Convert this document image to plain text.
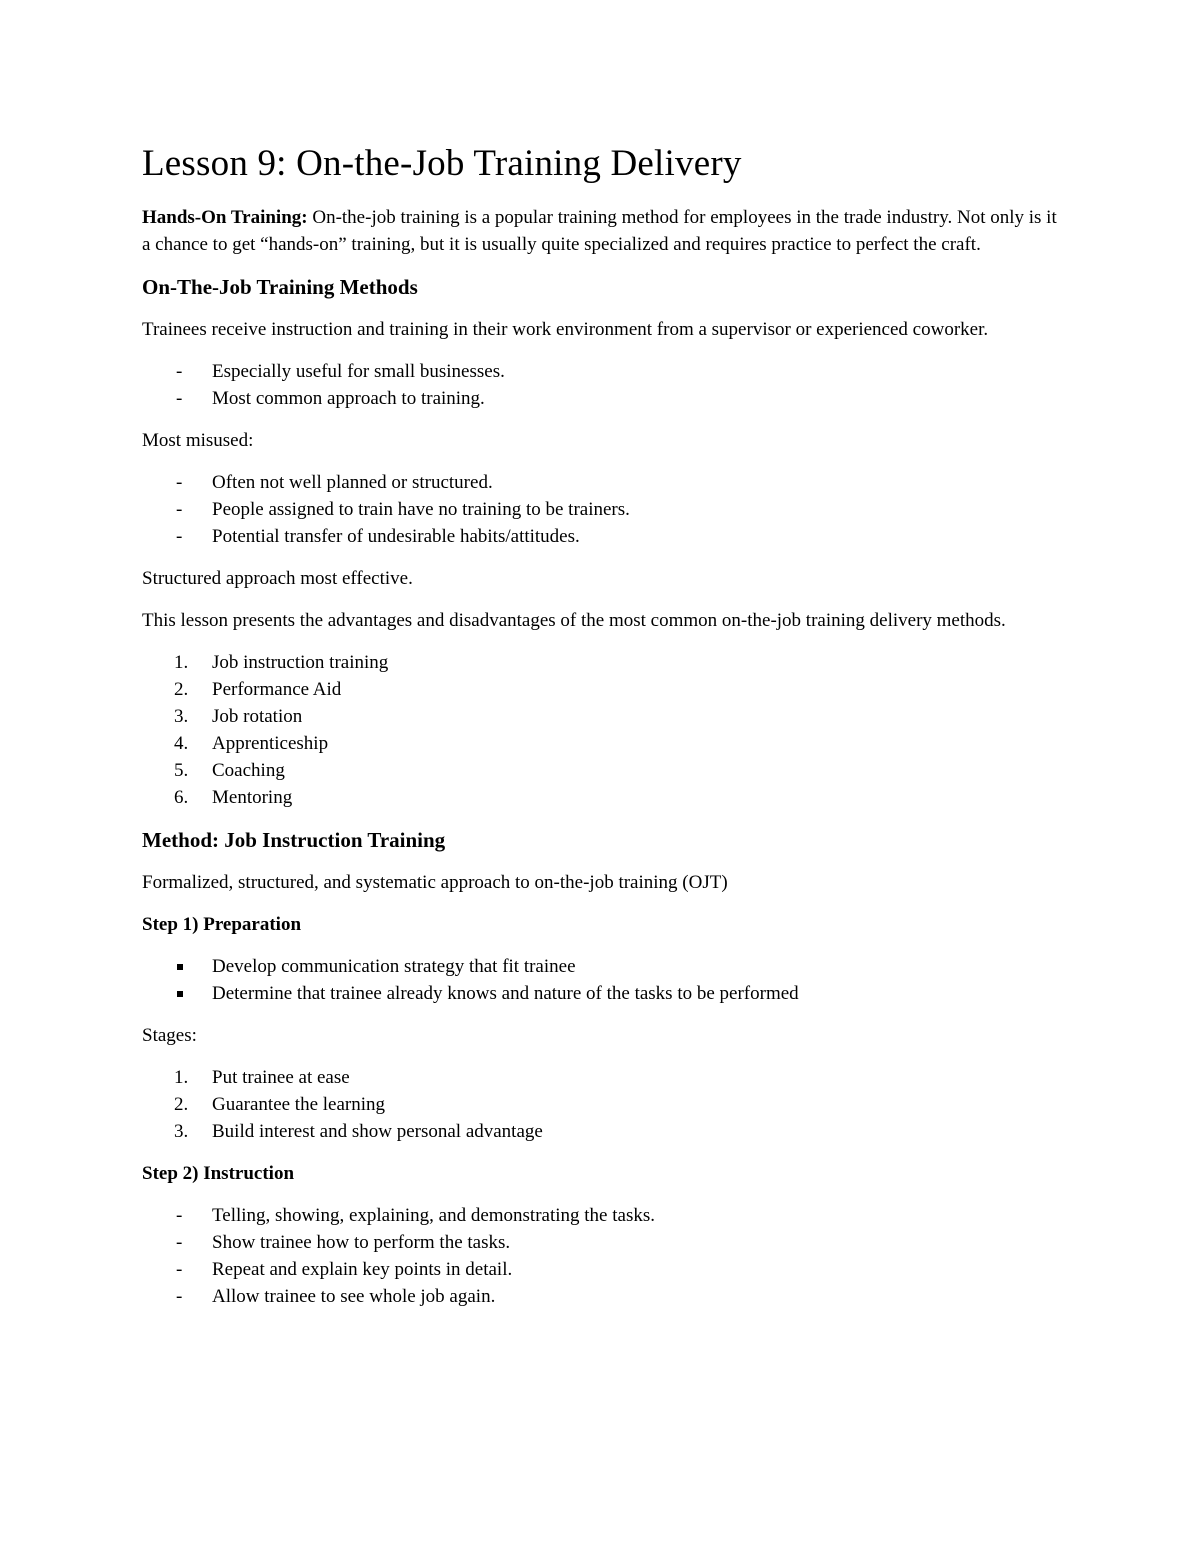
Lesson 9: On-the-Job Training Delivery

Hands-On Training: On-the-job training is a popular training method for employees in the trade industry. Not only is it a chance to get “hands-on” training, but it is usually quite specialized and requires practice to perfect the craft.

On-The-Job Training Methods

Trainees receive instruction and training in their work environment from a supervisor or experienced coworker.

- Especially useful for small businesses.
- Most common approach to training.

Most misused:

- Often not well planned or structured.
- People assigned to train have no training to be trainers.
- Potential transfer of undesirable habits/attitudes.

Structured approach most effective.

This lesson presents the advantages and disadvantages of the most common on-the-job training delivery methods.

1. Job instruction training
2. Performance Aid
3. Job rotation
4. Apprenticeship
5. Coaching
6. Mentoring
Method: Job Instruction Training

Formalized, structured, and systematic approach to on-the-job training (OJT)

Step 1) Preparation
Develop communication strategy that fit trainee
Determine that trainee already knows and nature of the tasks to be performed

Stages:

1. Put trainee at ease
2. Guarantee the learning
3. Build interest and show personal advantage
Step 2) Instruction
- Telling, showing, explaining, and demonstrating the tasks.
- Show trainee how to perform the tasks.
- Repeat and explain key points in detail.
- Allow trainee to see whole job again.
